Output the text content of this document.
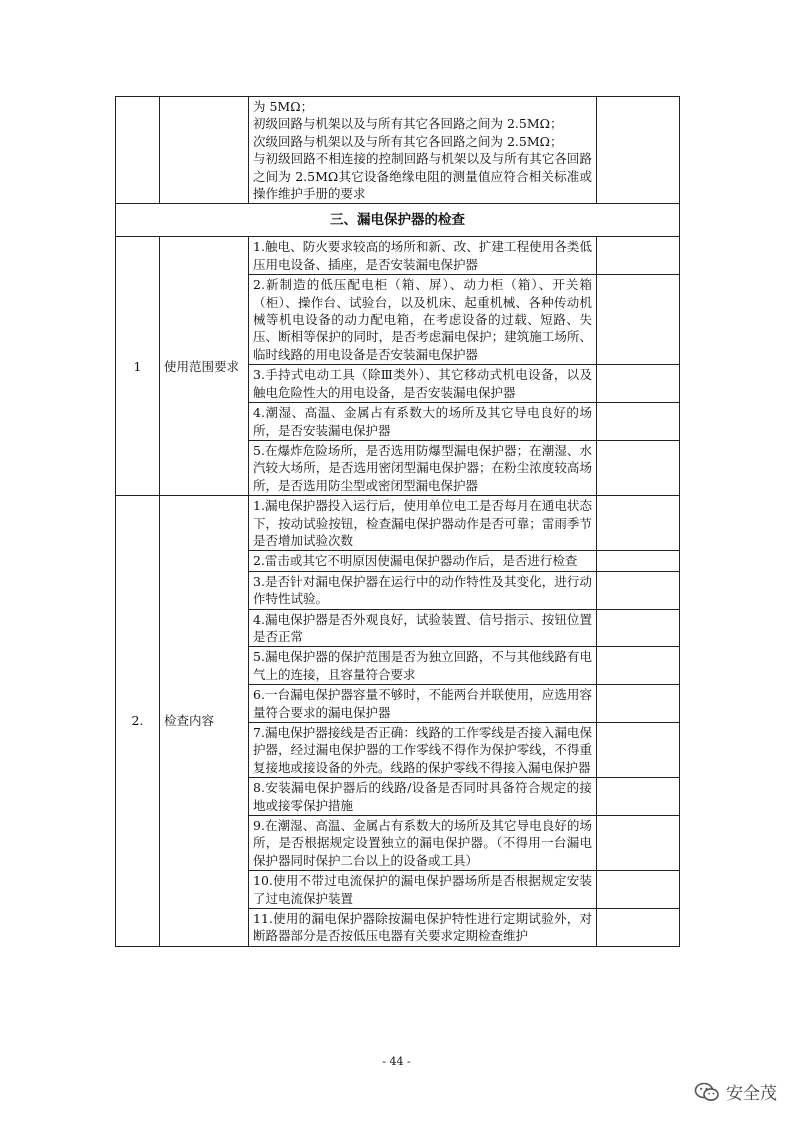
		为 5MΩ；
初级回路与机架以及与所有其它各回路之间为 2.5MΩ；
次级回路与机架以及与所有其它各回路之间为 2.5MΩ；
与初级回路不相连接的控制回路与机架以及与所有其它各回路之间为 2.5MΩ其它设备绝缘电阻的测量值应符合相关标准或操作维护手册的要求	

三、漏电保护器的检查			
1	使用范围要求	1.触电、防火要求较高的场所和新、改、扩建工程使用各类低压用电设备、插座，是否安装漏电保护器	
		2.新制造的低压配电柜（箱、屏）、动力柜（箱）、开关箱（柜）、操作台、试验台，以及机床、起重机械、各种传动机械等机电设备的动力配电箱，在考虑设备的过载、短路、失压、断相等保护的同时，是否考虑漏电保护；建筑施工场所、临时线路的用电设备是否安装漏电保护器	
		3.手持式电动工具（除Ⅲ类外）、其它移动式机电设备，以及触电危险性大的用电设备，是否安装漏电保护器	
		4.潮湿、高温、金属占有系数大的场所及其它导电良好的场所，是否安装漏电保护器	
		5.在爆炸危险场所，是否选用防爆型漏电保护器；在潮湿、水汽较大场所，是否选用密闭型漏电保护器；在粉尘浓度较高场所，是否选用防尘型或密闭型漏电保护器	
2.	检查内容	1.漏电保护器投入运行后，使用单位电工是否每月在通电状态下，按动试验按钮，检查漏电保护器动作是否可靠；雷雨季节是否增加试验次数	
		2.雷击或其它不明原因使漏电保护器动作后，是否进行检查	
		3.是否针对漏电保护器在运行中的动作特性及其变化，进行动作特性试验。	
		4.漏电保护器是否外观良好，试验装置、信号指示、按钮位置是否正常	
		5.漏电保护器的保护范围是否为独立回路，不与其他线路有电气上的连接，且容量符合要求	
		6.一台漏电保护器容量不够时，不能两台并联使用，应选用容量符合要求的漏电保护器	
		7.漏电保护器接线是否正确：线路的工作零线是否接入漏电保护器，经过漏电保护器的工作零线不得作为保护零线，不得重复接地或接设备的外壳。线路的保护零线不得接入漏电保护器	
		8.安装漏电保护器后的线路/设备是否同时具备符合规定的接地或接零保护措施	
		9.在潮湿、高温、金属占有系数大的场所及其它导电良好的场所，是否根据规定设置独立的漏电保护器。（不得用一台漏电保护器同时保护二台以上的设备或工具）	
		10.使用不带过电流保护的漏电保护器场所是否根据规定安装了过电流保护装置	
		11.使用的漏电保护器除按漏电保护特性进行定期试验外，对断路器部分是否按低压电器有关要求定期检查维护	
- 44 -
安全茂
